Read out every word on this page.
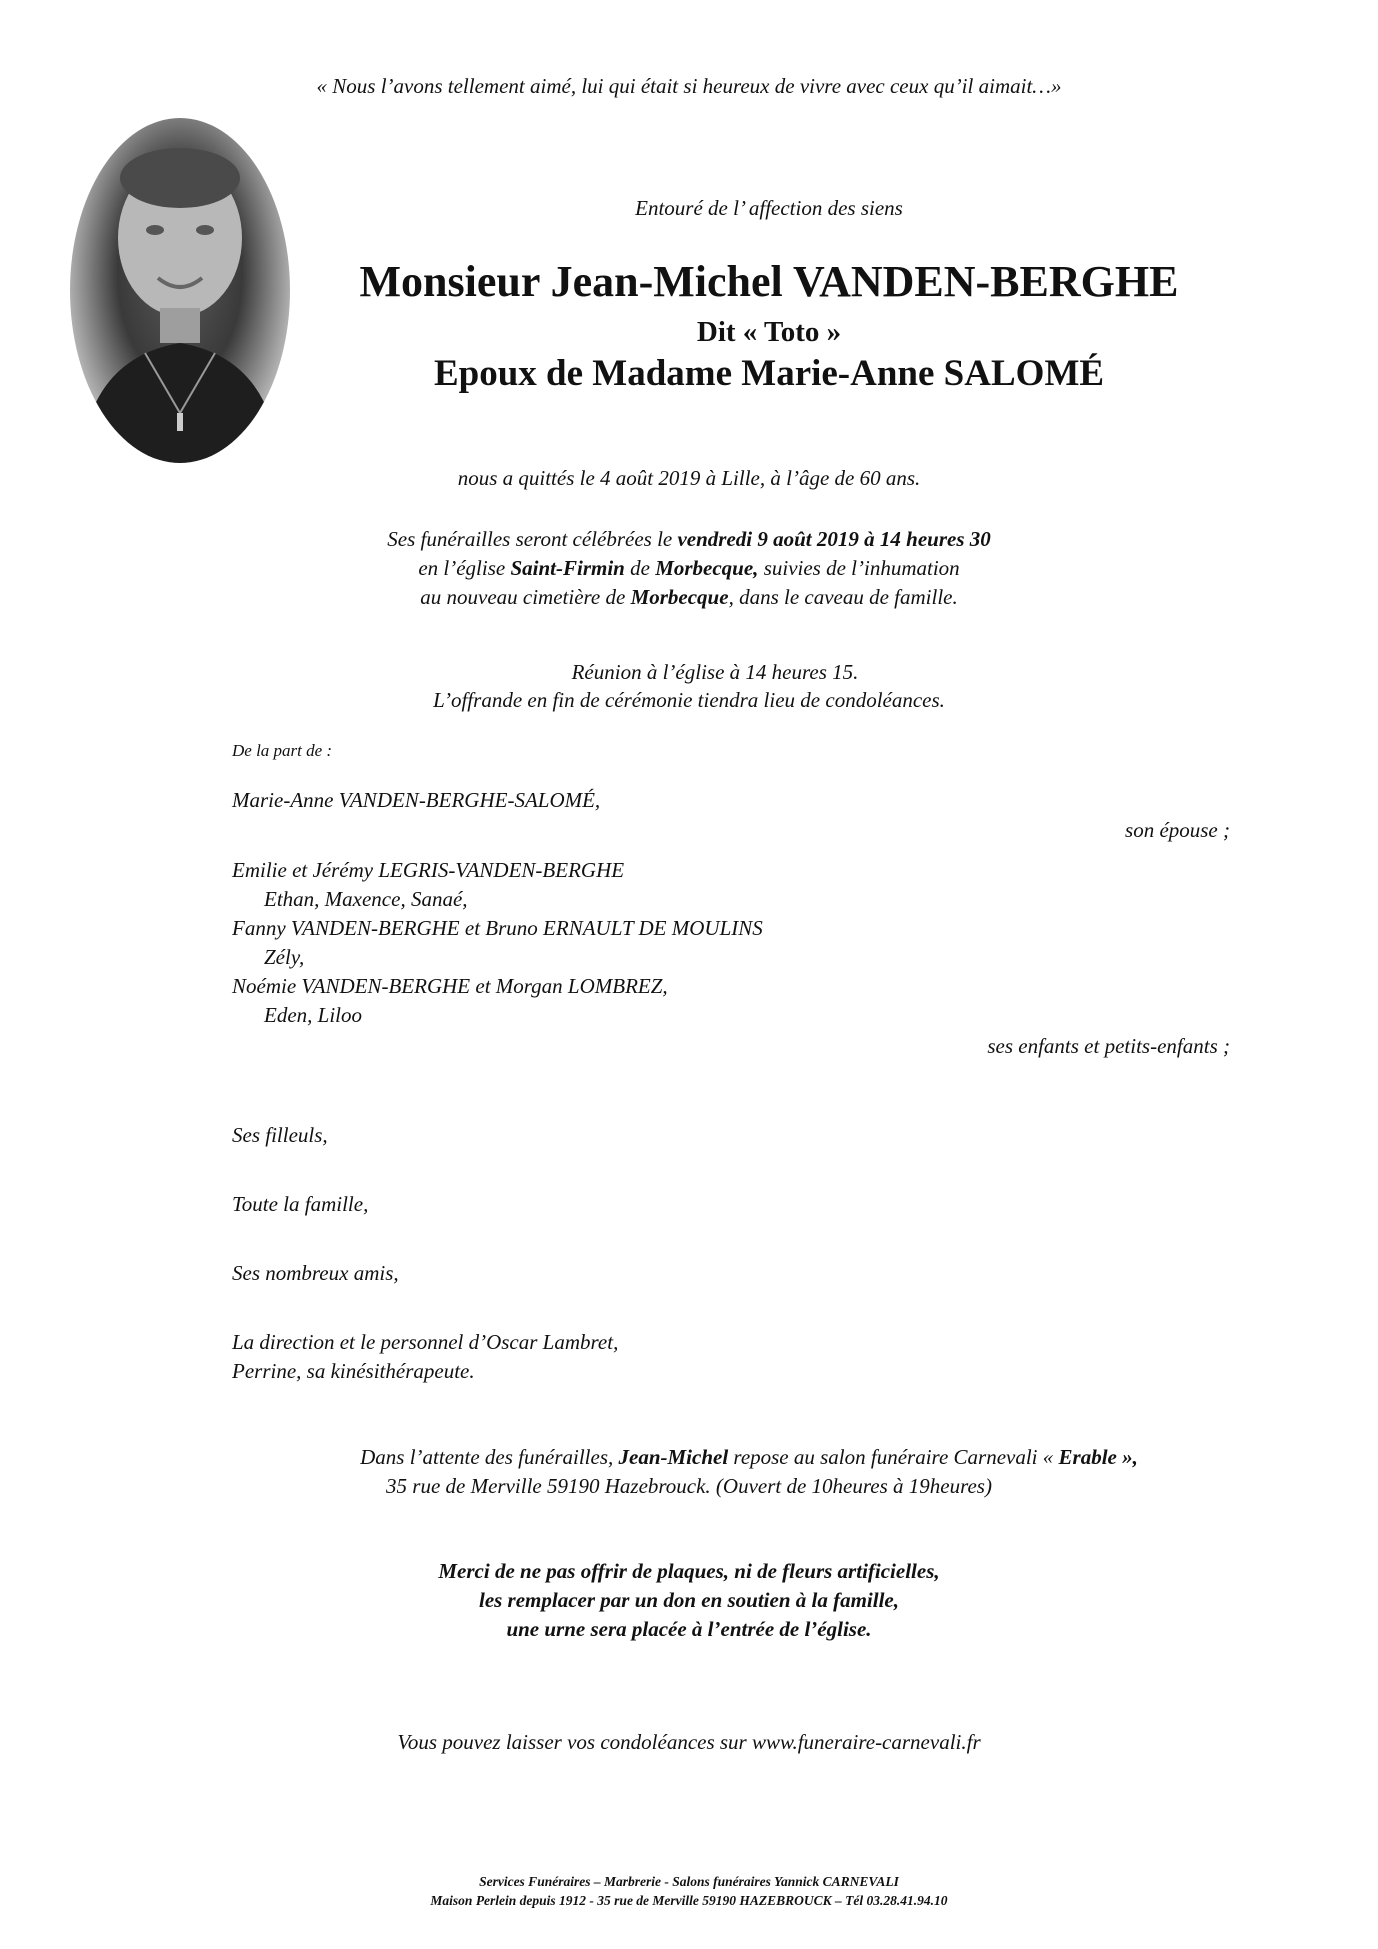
« Nous l’avons tellement aimé, lui qui était si heureux de vivre avec ceux qu’il aimait…»
Entouré de l’ affection des siens
Monsieur Jean-Michel VANDEN-BERGHE
Dit « Toto »
Epoux de Madame Marie-Anne SALOMÉ
nous a quittés le 4 août 2019 à Lille, à l’âge de 60 ans.
Ses funérailles seront célébrées le vendredi 9 août 2019 à 14 heures 30
en l’église Saint-Firmin de Morbecque, suivies de l’inhumation
au nouveau cimetière de Morbecque, dans le caveau de famille.
Réunion à l’église à 14 heures 15.
L’offrande en fin de cérémonie tiendra lieu de condoléances.
De la part de :
Marie-Anne VANDEN-BERGHE-SALOMÉ,
son épouse ;
Emilie et Jérémy LEGRIS-VANDEN-BERGHE
Ethan, Maxence, Sanaé,
Fanny VANDEN-BERGHE et Bruno ERNAULT DE MOULINS
Zély,
Noémie VANDEN-BERGHE et Morgan LOMBREZ,
Eden, Liloo
ses enfants et petits-enfants ;
Ses filleuls,
Toute la famille,
Ses nombreux amis,
La direction et le personnel d’Oscar Lambret,
Perrine, sa kinésithérapeute.
Dans l’attente des funérailles, Jean-Michel repose au salon funéraire Carnevali « Erable »,
35 rue de Merville 59190 Hazebrouck. (Ouvert de 10heures à 19heures)
Merci de ne pas offrir de plaques, ni de fleurs artificielles,
les remplacer par un don en soutien à la famille,
une urne sera placée à l’entrée de l’église.
Vous pouvez laisser vos condoléances sur www.funeraire-carnevali.fr
Services Funéraires – Marbrerie - Salons funéraires Yannick CARNEVALI
Maison Perlein depuis 1912 - 35 rue de Merville 59190 HAZEBROUCK – Tél 03.28.41.94.10
